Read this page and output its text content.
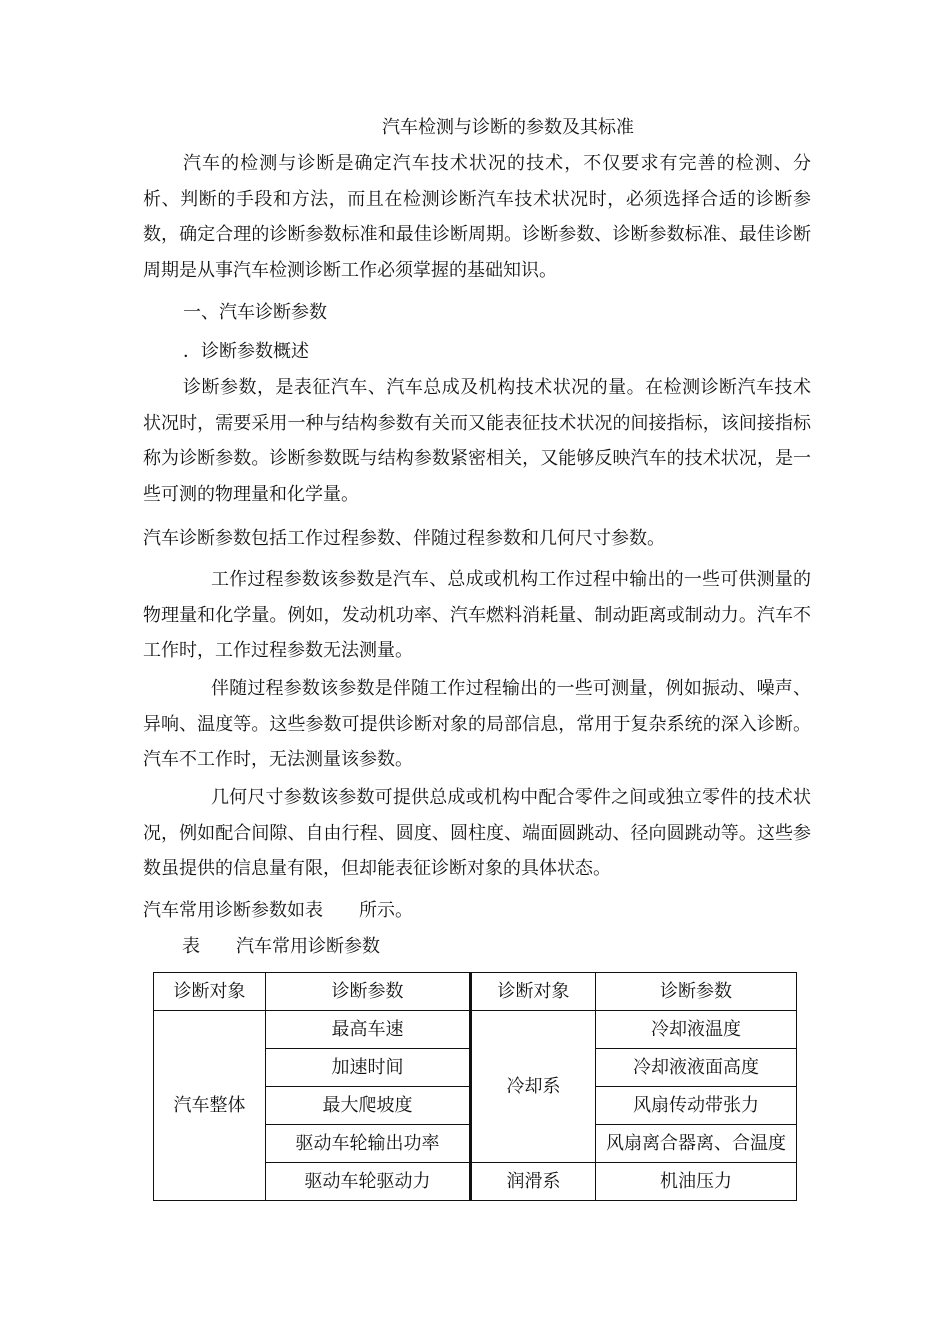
汽车检测与诊断的参数及其标准

汽车的检测与诊断是确定汽车技术状况的技术，不仅要求有完善的检测、分析、判断的手段和方法，而且在检测诊断汽车技术状况时，必须选择合适的诊断参数，确定合理的诊断参数标准和最佳诊断周期。诊断参数、诊断参数标准、最佳诊断周期是从事汽车检测诊断工作必须掌握的基础知识。

一、汽车诊断参数
．诊断参数概述

诊断参数，是表征汽车、汽车总成及机构技术状况的量。在检测诊断汽车技术状况时，需要采用一种与结构参数有关而又能表征技术状况的间接指标，该间接指标称为诊断参数。诊断参数既与结构参数紧密相关，又能够反映汽车的技术状况，是一些可测的物理量和化学量。

汽车诊断参数包括工作过程参数、伴随过程参数和几何尺寸参数。

工作过程参数该参数是汽车、总成或机构工作过程中输出的一些可供测量的物理量和化学量。例如，发动机功率、汽车燃料消耗量、制动距离或制动力。汽车不工作时，工作过程参数无法测量。

伴随过程参数该参数是伴随工作过程输出的一些可测量，例如振动、噪声、异响、温度等。这些参数可提供诊断对象的局部信息，常用于复杂系统的深入诊断。汽车不工作时，无法测量该参数。

几何尺寸参数该参数可提供总成或机构中配合零件之间或独立零件的技术状况，例如配合间隙、自由行程、圆度、圆柱度、端面圆跳动、径向圆跳动等。这些参数虽提供的信息量有限，但却能表征诊断对象的具体状态。

汽车常用诊断参数如表　　所示。

表　　汽车常用诊断参数
诊断对象	诊断参数	诊断对象	诊断参数
汽车整体	最高车速	冷却系	冷却液温度
	加速时间		冷却液液面高度
	最大爬坡度		风扇传动带张力
	驱动车轮输出功率		风扇离合器离、合温度
	驱动车轮驱动力	润滑系	机油压力
